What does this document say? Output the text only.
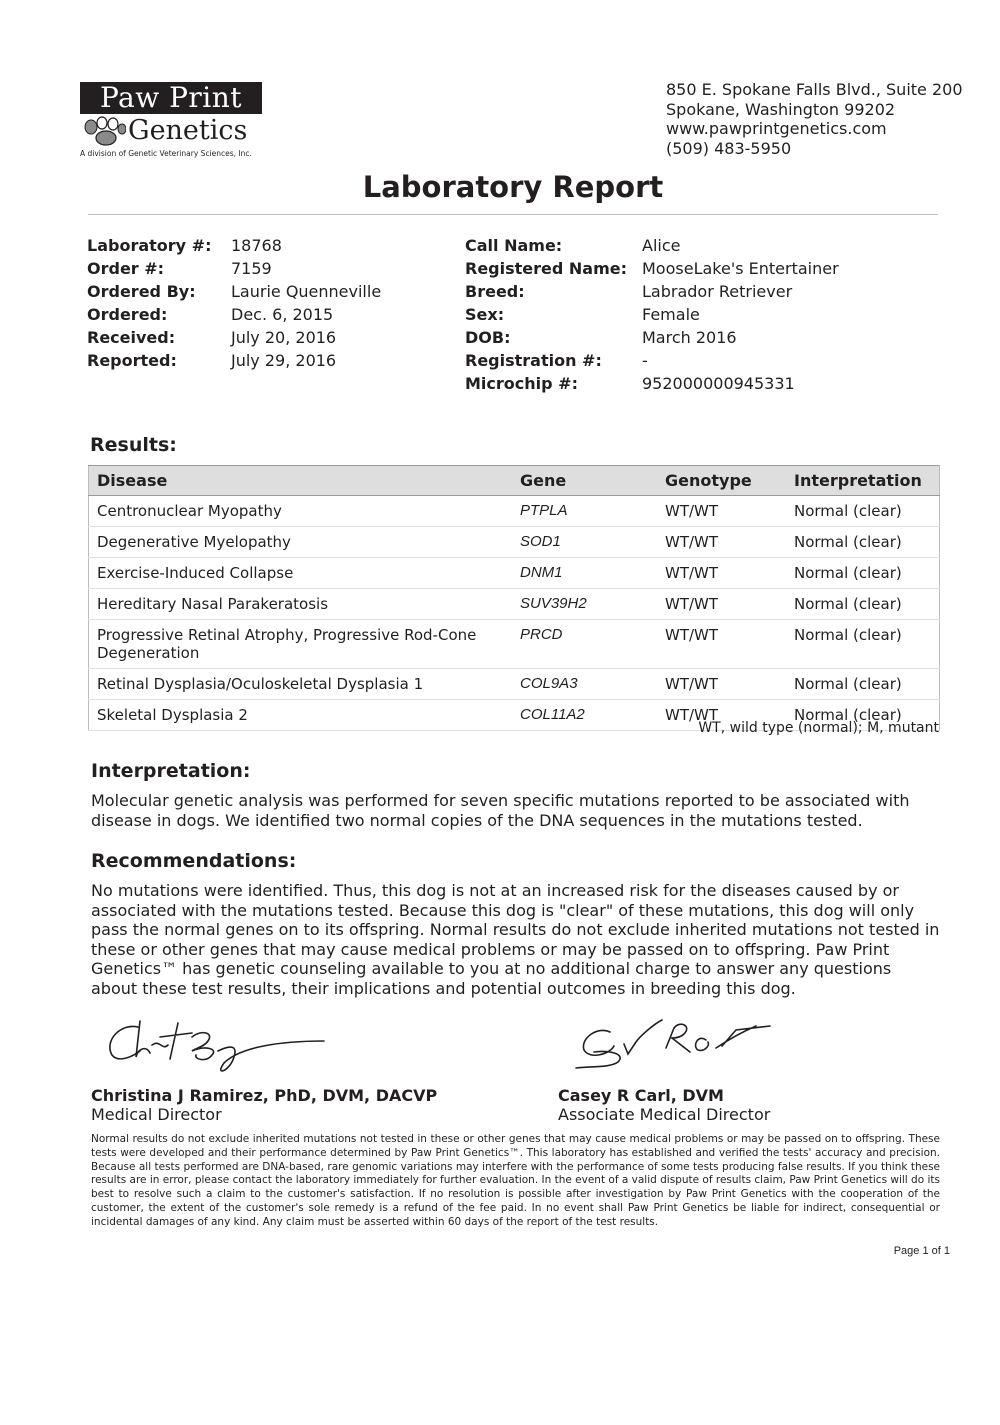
Paw Print
Genetics
A division of Genetic Veterinary Sciences, Inc.
850 E. Spokane Falls Blvd., Suite 200
Spokane, Washington 99202
www.pawprintgenetics.com
(509) 483-5950
Laboratory Report
Laboratory #:	18768
Order #:	7159
Ordered By:	Laurie Quenneville
Ordered:	Dec. 6, 2015
Received:	July 20, 2016
Reported:	July 29, 2016
Call Name:	Alice
Registered Name:	MooseLake's Entertainer
Breed:	Labrador Retriever
Sex:	Female
DOB:	March 2016
Registration #:	-
Microchip #:	952000000945331
Results:
Disease	Gene	Genotype	Interpretation
Centronuclear Myopathy	PTPLA	WT/WT	Normal (clear)
Degenerative Myelopathy	SOD1	WT/WT	Normal (clear)
Exercise-Induced Collapse	DNM1	WT/WT	Normal (clear)
Hereditary Nasal Parakeratosis	SUV39H2	WT/WT	Normal (clear)
Progressive Retinal Atrophy, Progressive Rod-Cone Degeneration	PRCD	WT/WT	Normal (clear)
Retinal Dysplasia/Oculoskeletal Dysplasia 1	COL9A3	WT/WT	Normal (clear)
Skeletal Dysplasia 2	COL11A2	WT/WT	Normal (clear)
WT, wild type (normal); M, mutant
Interpretation:
Molecular genetic analysis was performed for seven specific mutations reported to be associated with disease in dogs. We identified two normal copies of the DNA sequences in the mutations tested.
Recommendations:
No mutations were identified. Thus, this dog is not at an increased risk for the diseases caused by or associated with the mutations tested. Because this dog is "clear" of these mutations, this dog will only pass the normal genes on to its offspring. Normal results do not exclude inherited mutations not tested in these or other genes that may cause medical problems or may be passed on to offspring. Paw Print Genetics™ has genetic counseling available to you at no additional charge to answer any questions about these test results, their implications and potential outcomes in breeding this dog.
Christina J Ramirez, PhD, DVM, DACVP
Medical Director
Casey R Carl, DVM
Associate Medical Director
Normal results do not exclude inherited mutations not tested in these or other genes that may cause medical problems or may be passed on to offspring. These tests were developed and their performance determined by Paw Print Genetics™. This laboratory has established and verified the tests' accuracy and precision. Because all tests performed are DNA-based, rare genomic variations may interfere with the performance of some tests producing false results. If you think these results are in error, please contact the laboratory immediately for further evaluation. In the event of a valid dispute of results claim, Paw Print Genetics will do its best to resolve such a claim to the customer's satisfaction. If no resolution is possible after investigation by Paw Print Genetics with the cooperation of the customer, the extent of the customer's sole remedy is a refund of the fee paid. In no event shall Paw Print Genetics be liable for indirect, consequential or incidental damages of any kind. Any claim must be asserted within 60 days of the report of the test results.
Page 1 of 1
